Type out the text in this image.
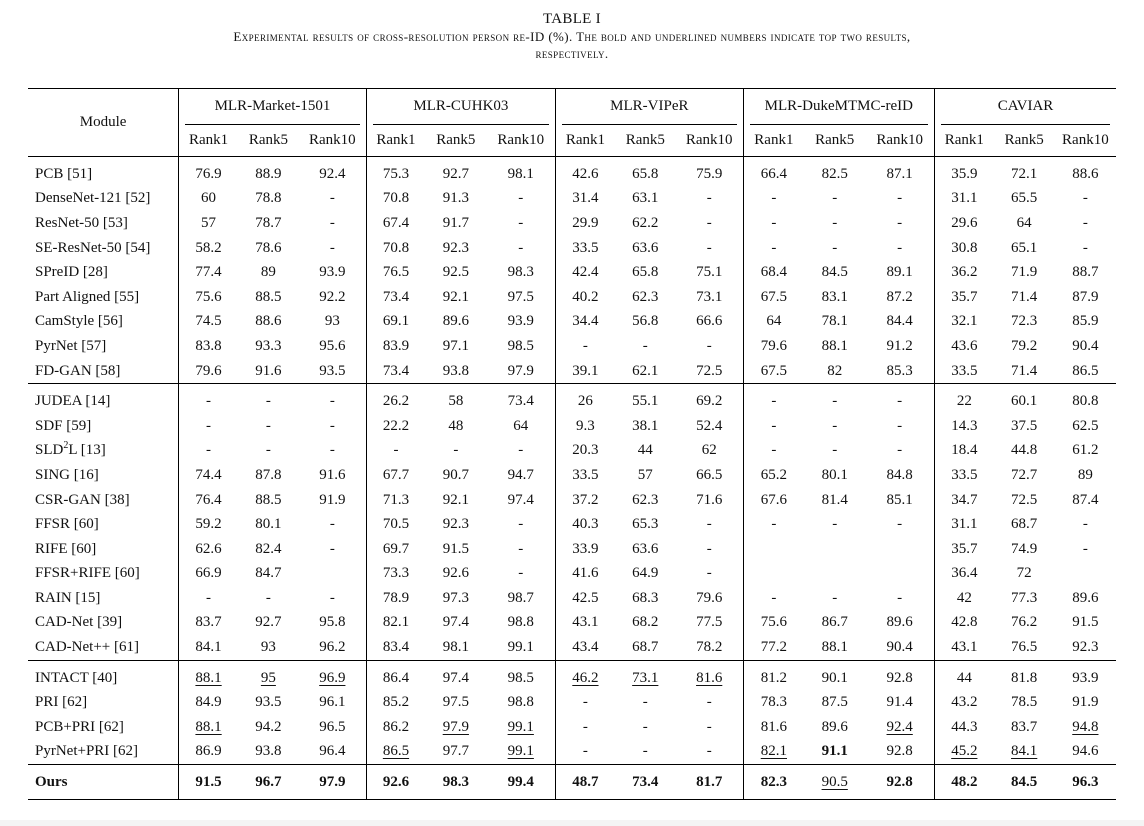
TABLE I
Experimental results of cross-resolution person re-ID (%). The bold and underlined numbers indicate top two results,
respectively.
Module	MLR-Market-1501			MLR-CUHK03			MLR-VIPeR			MLR-DukeMTMC-reID			CAVIAR		

	Rank1	Rank5	Rank10	Rank1	Rank5	Rank10	Rank1	Rank5	Rank10	Rank1	Rank5	Rank10	Rank1	Rank5	Rank10
PCB [51]	76.9	88.9	92.4	75.3	92.7	98.1	42.6	65.8	75.9	66.4	82.5	87.1	35.9	72.1	88.6
DenseNet-121 [52]	60	78.8	-	70.8	91.3	-	31.4	63.1	-	-	-	-	31.1	65.5	-
ResNet-50 [53]	57	78.7	-	67.4	91.7	-	29.9	62.2	-	-	-	-	29.6	64	-
SE-ResNet-50 [54]	58.2	78.6	-	70.8	92.3	-	33.5	63.6	-	-	-	-	30.8	65.1	-
SPreID [28]	77.4	89	93.9	76.5	92.5	98.3	42.4	65.8	75.1	68.4	84.5	89.1	36.2	71.9	88.7
Part Aligned [55]	75.6	88.5	92.2	73.4	92.1	97.5	40.2	62.3	73.1	67.5	83.1	87.2	35.7	71.4	87.9
CamStyle [56]	74.5	88.6	93	69.1	89.6	93.9	34.4	56.8	66.6	64	78.1	84.4	32.1	72.3	85.9
PyrNet [57]	83.8	93.3	95.6	83.9	97.1	98.5	-	-	-	79.6	88.1	91.2	43.6	79.2	90.4
FD-GAN [58]	79.6	91.6	93.5	73.4	93.8	97.9	39.1	62.1	72.5	67.5	82	85.3	33.5	71.4	86.5
JUDEA [14]	-	-	-	26.2	58	73.4	26	55.1	69.2	-	-	-	22	60.1	80.8
SDF [59]	-	-	-	22.2	48	64	9.3	38.1	52.4	-	-	-	14.3	37.5	62.5
SLD$^2$L [13]	-	-	-	-	-	-	20.3	44	62	-	-	-	18.4	44.8	61.2
SING [16]	74.4	87.8	91.6	67.7	90.7	94.7	33.5	57	66.5	65.2	80.1	84.8	33.5	72.7	89
CSR-GAN [38]	76.4	88.5	91.9	71.3	92.1	97.4	37.2	62.3	71.6	67.6	81.4	85.1	34.7	72.5	87.4
FFSR [60]	59.2	80.1	-	70.5	92.3	-	40.3	65.3	-	-	-	-	31.1	68.7	-
RIFE [60]	62.6	82.4	-	69.7	91.5	-	33.9	63.6	-				35.7	74.9	-
FFSR+RIFE [60]	66.9	84.7		73.3	92.6	-	41.6	64.9	-				36.4	72	
RAIN [15]	-	-	-	78.9	97.3	98.7	42.5	68.3	79.6	-	-	-	42	77.3	89.6
CAD-Net [39]	83.7	92.7	95.8	82.1	97.4	98.8	43.1	68.2	77.5	75.6	86.7	89.6	42.8	76.2	91.5
CAD-Net++ [61]	84.1	93	96.2	83.4	98.1	99.1	43.4	68.7	78.2	77.2	88.1	90.4	43.1	76.5	92.3
INTACT [40]	88.1	95	96.9	86.4	97.4	98.5	46.2	73.1	81.6	81.2	90.1	92.8	44	81.8	93.9
PRI [62]	84.9	93.5	96.1	85.2	97.5	98.8	-	-	-	78.3	87.5	91.4	43.2	78.5	91.9
PCB+PRI [62]	88.1	94.2	96.5	86.2	97.9	99.1	-	-	-	81.6	89.6	92.4	44.3	83.7	94.8
PyrNet+PRI [62]	86.9	93.8	96.4	86.5	97.7	99.1	-	-	-	82.1	91.1	92.8	45.2	84.1	94.6
Ours	91.5	96.7	97.9	92.6	98.3	99.4	48.7	73.4	81.7	82.3	90.5	92.8	48.2	84.5	96.3
